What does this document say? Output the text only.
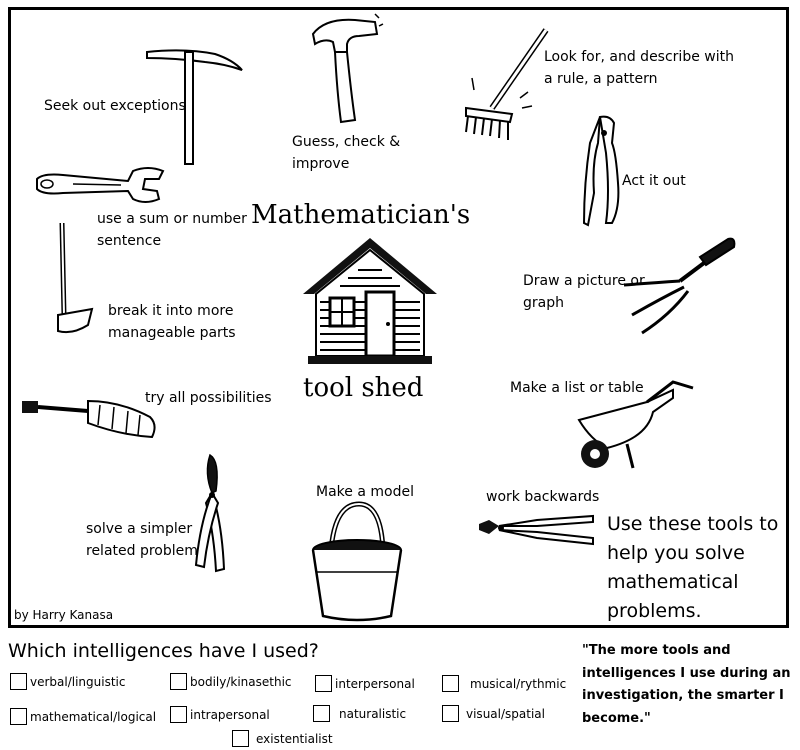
Mathematician's
tool shed
Seek out exceptions
Guess, check & improve
Look for, and describe with a rule, a pattern
use a sum or number sentence
Act it out
break it into more manageable parts
Draw a picture or graph
try all possibilities
Make a list or table
solve a simpler related problem
Make a model	work backwards
Use these tools to help you solve mathematical problems.
by Harry Kanasa
Which intelligences have I used?
verbal/linguistic	bodily/kinasethic	interpersonal	musical/rythmic
mathematical/logical	intrapersonal	naturalistic	visual/spatial
existentialist
"The more tools and intelligences I use during an investigation, the smarter I become."
